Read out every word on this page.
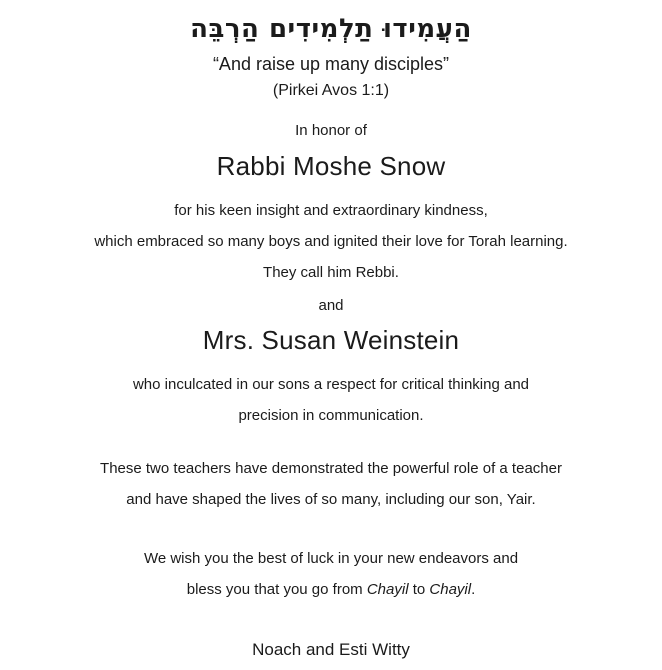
הַעֲמִידוּ תַלְמִידִים הַרְבֵּה
“And raise up many disciples”
(Pirkei Avos 1:1)
In honor of
Rabbi Moshe Snow
for his keen insight and extraordinary kindness,
which embraced so many boys and ignited their love for Torah learning.
They call him Rebbi.
and
Mrs. Susan Weinstein
who inculcated in our sons a respect for critical thinking and
precision in communication.
These two teachers have demonstrated the powerful role of a teacher
and have shaped the lives of so many, including our son, Yair.
We wish you the best of luck in your new endeavors and
bless you that you go from Chayil to Chayil.
Noach and Esti Witty
